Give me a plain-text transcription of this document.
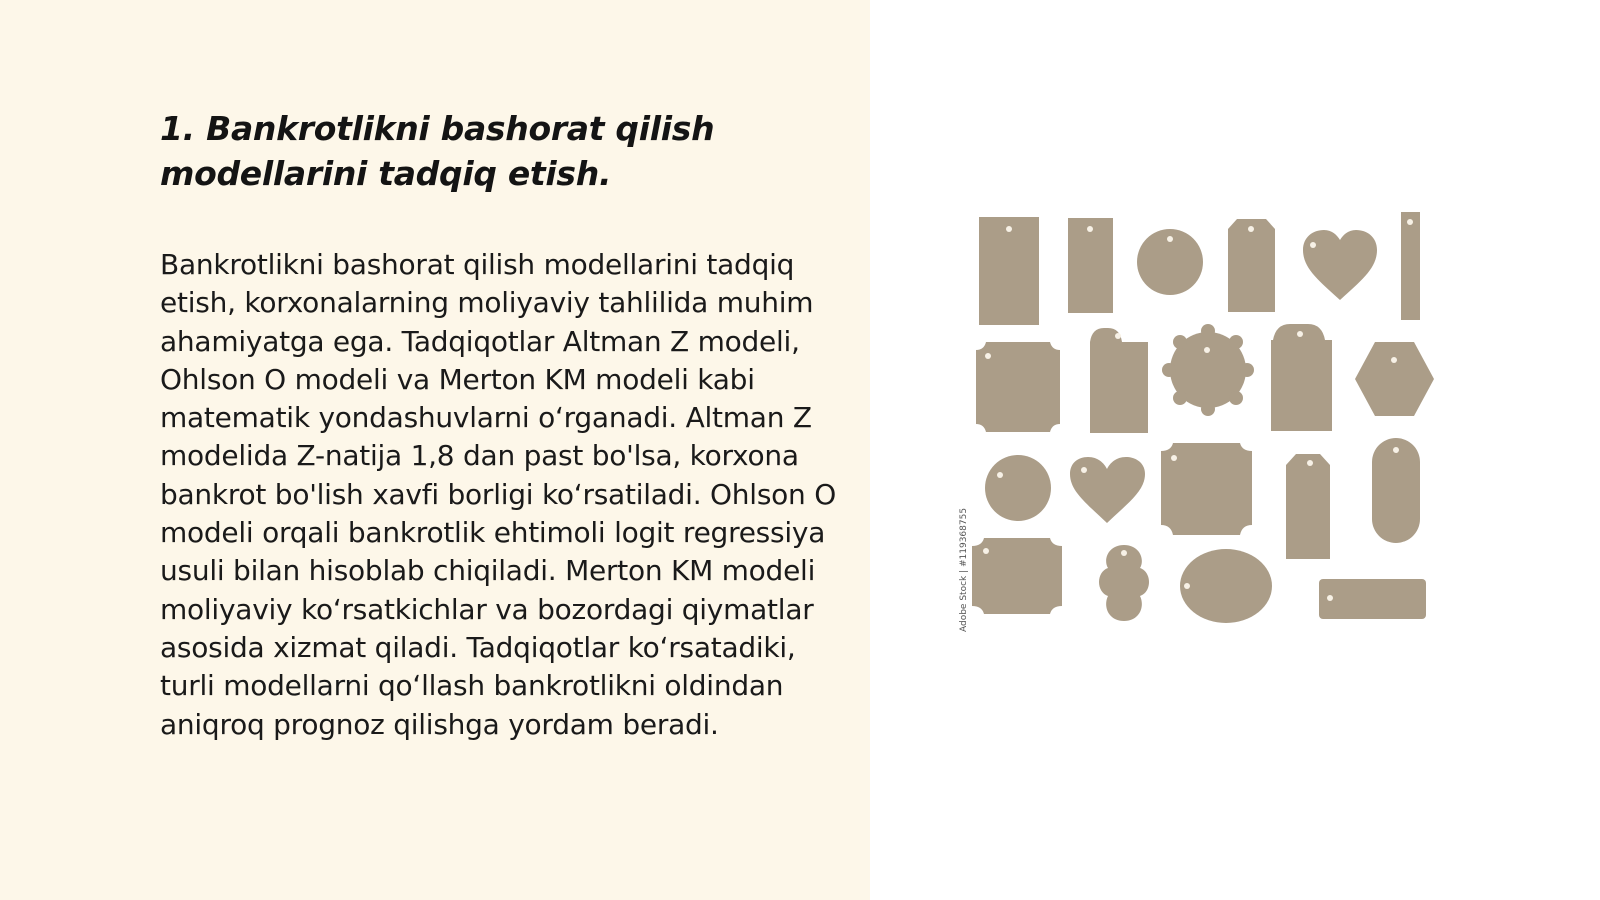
1. Bankrotlikni bashorat qilish modellarini tadqiq etish.

Bankrotlikni bashorat qilish modellarini tadqiq etish, korxonalarning moliyaviy tahlilida muhim ahamiyatga ega. Tadqiqotlar Altman Z modeli, Ohlson O modeli va Merton KM modeli kabi matematik yondashuvlarni oʻrganadi. Altman Z modelida Z-natija 1,8 dan past bo'lsa, korxona bankrot bo'lish xavfi borligi koʻrsatiladi. Ohlson O modeli orqali bankrotlik ehtimoli logit regressiya usuli bilan hisoblab chiqiladi. Merton KM modeli moliyaviy koʻrsatkichlar va bozordagi qiymatlar asosida xizmat qiladi. Tadqiqotlar koʻrsatadiki, turli modellarni qoʻllash bankrotlikni oldindan aniqroq prognoz qilishga yordam beradi.

Adobe Stock | #119368755
